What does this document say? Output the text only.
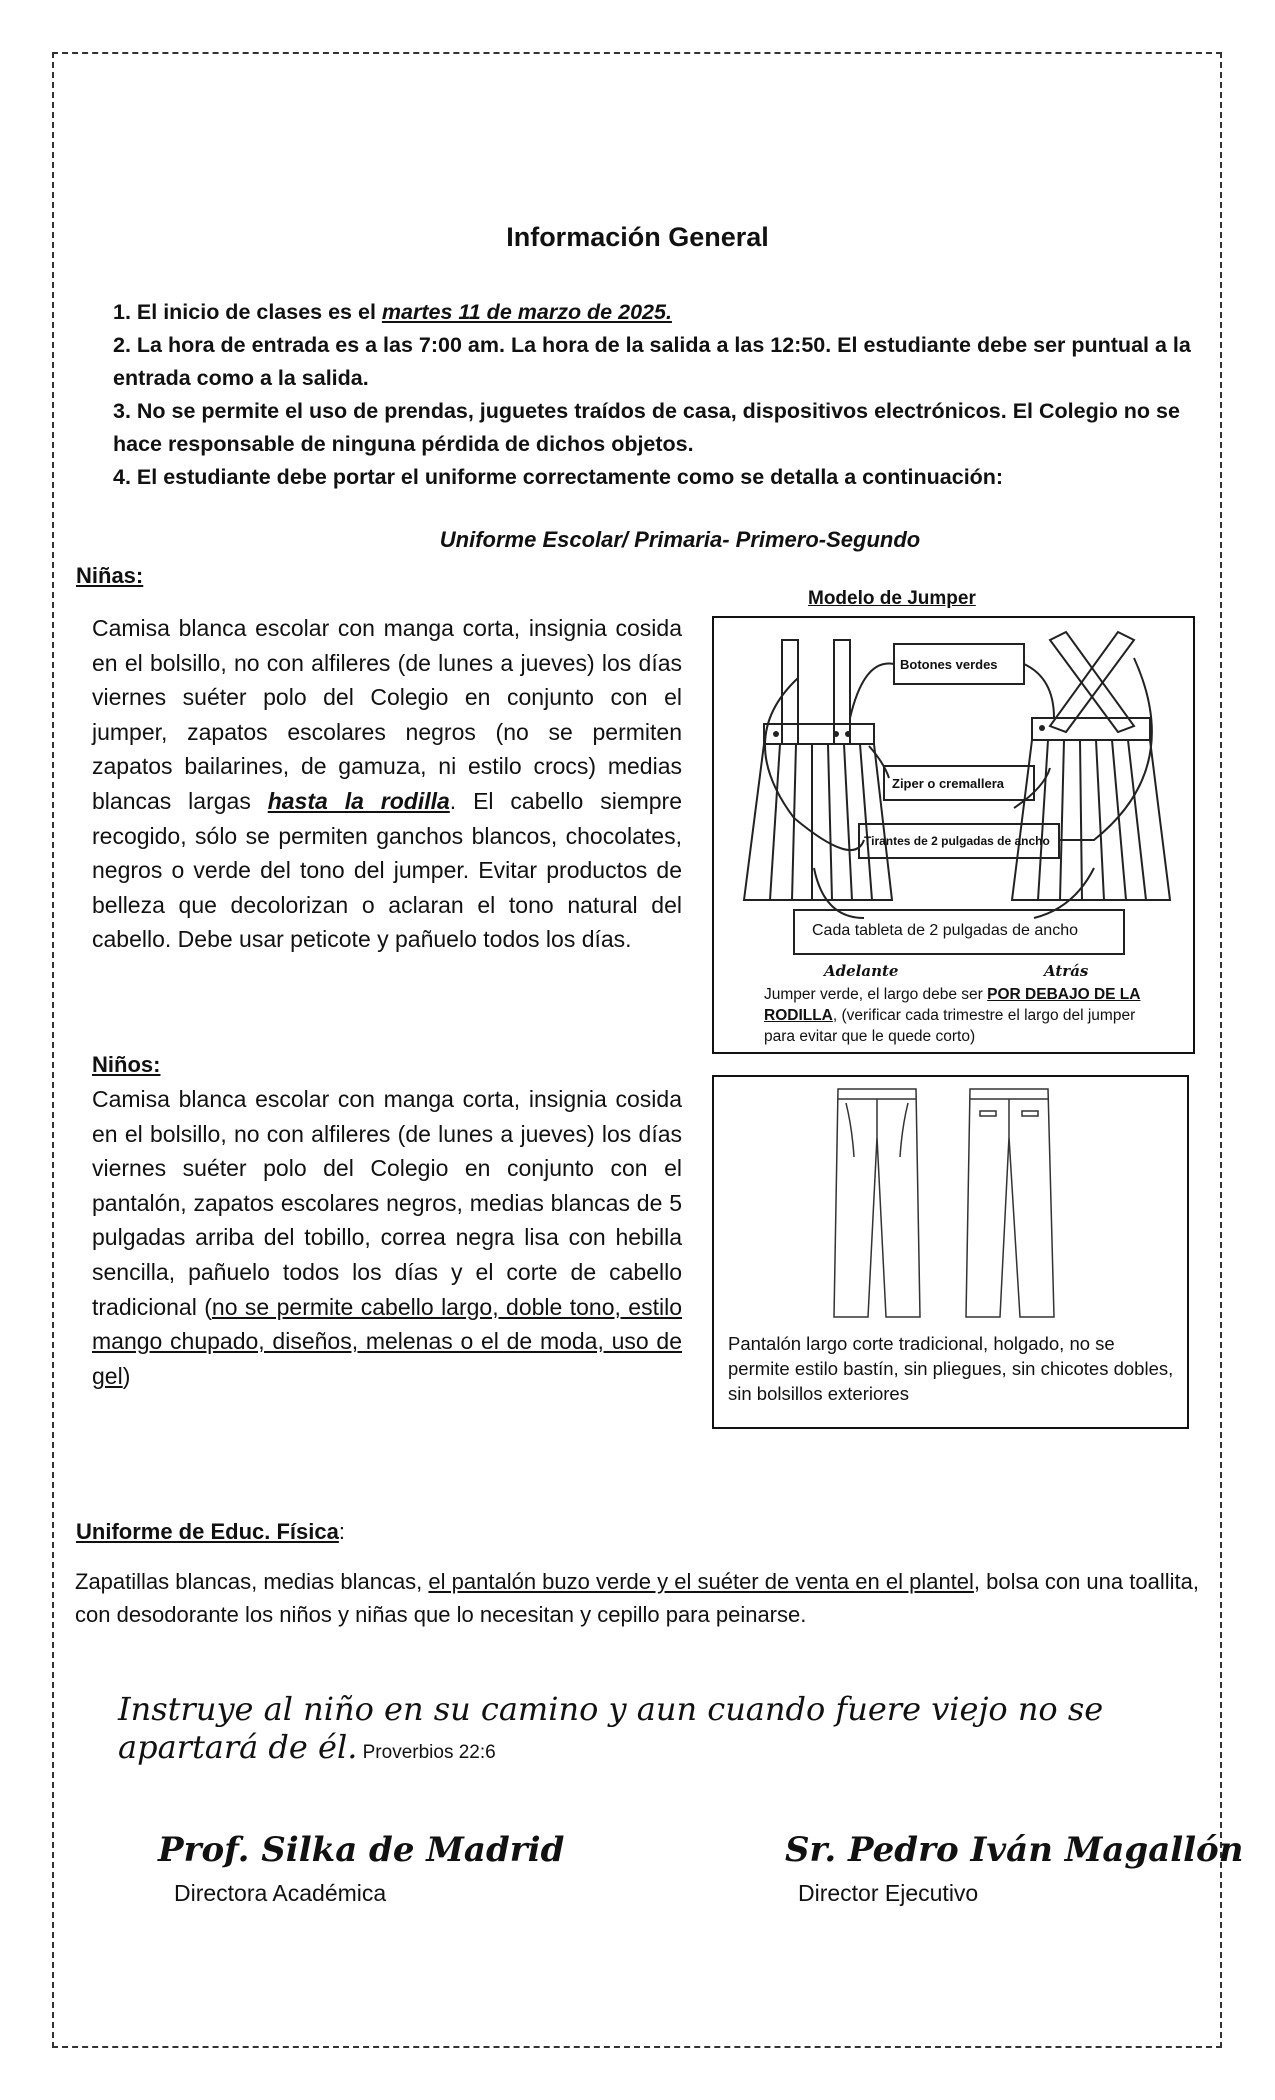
Información General

1. El inicio de clases es el martes 11 de marzo de 2025.

2. La hora de entrada es a las 7:00 am. La hora de la salida a las 12:50. El estudiante debe ser puntual a la entrada como a la salida.

3. No se permite el uso de prendas, juguetes traídos de casa, dispositivos electrónicos. El Colegio no se hace responsable de ninguna pérdida de dichos objetos.

4. El estudiante debe portar el uniforme correctamente como se detalla a continuación:

Uniforme Escolar/ Primaria- Primero-Segundo
Niñas:
Camisa blanca escolar con manga corta, insignia cosida en el bolsillo, no con alfileres (de lunes a jueves) los días viernes suéter polo del Colegio en conjunto con el jumper, zapatos escolares negros (no se permiten zapatos bailarines, de gamuza, ni estilo crocs) medias blancas largas hasta la rodilla. El cabello siempre recogido, sólo se permiten ganchos blancos, chocolates, negros o verde del tono del jumper. Evitar productos de belleza que decolorizan o aclaran el tono natural del cabello. Debe usar peticote y pañuelo todos los días.
Modelo de Jumper
Botones verdes
Ziper o cremallera
Tirantes de 2 pulgadas de ancho
Cada tableta de 2 pulgadas de ancho
Adelante	Atrás
Jumper verde, el largo debe ser POR DEBAJO DE LA RODILLA, (verificar cada trimestre el largo del jumper para evitar que le quede corto)
Niños:
Camisa blanca escolar con manga corta, insignia cosida en el bolsillo, no con alfileres (de lunes a jueves) los días viernes suéter polo del Colegio en conjunto con el pantalón, zapatos escolares negros, medias blancas de 5 pulgadas arriba del tobillo, correa negra lisa con hebilla sencilla, pañuelo todos los días y el corte de cabello tradicional (no se permite cabello largo, doble tono, estilo mango chupado, diseños, melenas o el de moda, uso de gel)
Pantalón largo corte tradicional, holgado, no se permite estilo bastín, sin pliegues, sin chicotes dobles, sin bolsillos exteriores
Uniforme de Educ. Física:
Zapatillas blancas, medias blancas, el pantalón buzo verde y el suéter de venta en el plantel, bolsa con una toallita, con desodorante los niños y niñas que lo necesitan y cepillo para peinarse.
Instruye al niño en su camino y aun cuando fuere viejo no se apartará de él. Proverbios 22:6
Prof. Silka de Madrid
Directora Académica
Sr. Pedro Iván Magallón
Director Ejecutivo
